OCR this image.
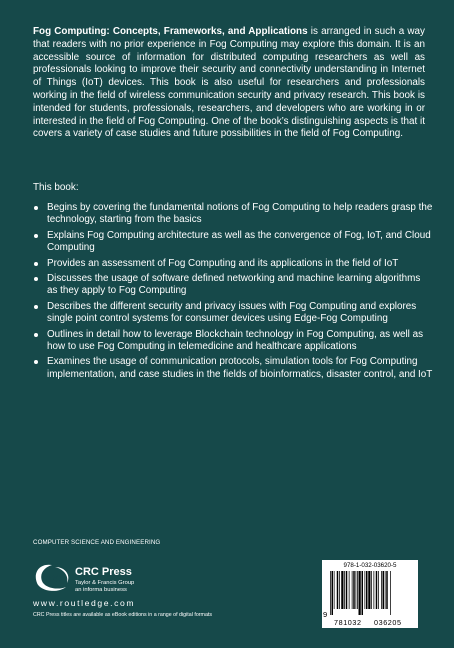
Fog Computing: Concepts, Frameworks, and Applications is arranged in such a way that readers with no prior experience in Fog Computing may explore this domain. It is an accessible source of information for distributed computing researchers as well as professionals looking to improve their security and connectivity understanding in Internet of Things (IoT) devices. This book is also useful for researchers and professionals working in the field of wireless communication security and privacy research. This book is intended for students, professionals, researchers, and developers who are working in or interested in the field of Fog Computing. One of the book’s distinguishing aspects is that it covers a variety of case studies and future possibilities in the field of Fog Computing.

This book:

Begins by covering the fundamental notions of Fog Computing to help readers grasp the technology, starting from the basics
Explains Fog Computing architecture as well as the convergence of Fog, IoT, and Cloud Computing
Provides an assessment of Fog Computing and its applications in the field of IoT
Discusses the usage of software defined networking and machine learning algorithms as they apply to Fog Computing
Describes the different security and privacy issues with Fog Computing and explores single point control systems for consumer devices using Edge-Fog Computing
Outlines in detail how to leverage Blockchain technology in Fog Computing, as well as how to use Fog Computing in telemedicine and healthcare applications
Examines the usage of communication protocols, simulation tools for Fog Computing implementation, and case studies in the fields of bioinformatics, disaster control, and IoT

COMPUTER SCIENCE AND ENGINEERING

CRC

CRC Press

Taylor & Francis Group

an informa business

www.routledge.com

CRC Press titles are available as eBook editions in a range of digital formats

978-1-032-03620-5

9

781032 036205
